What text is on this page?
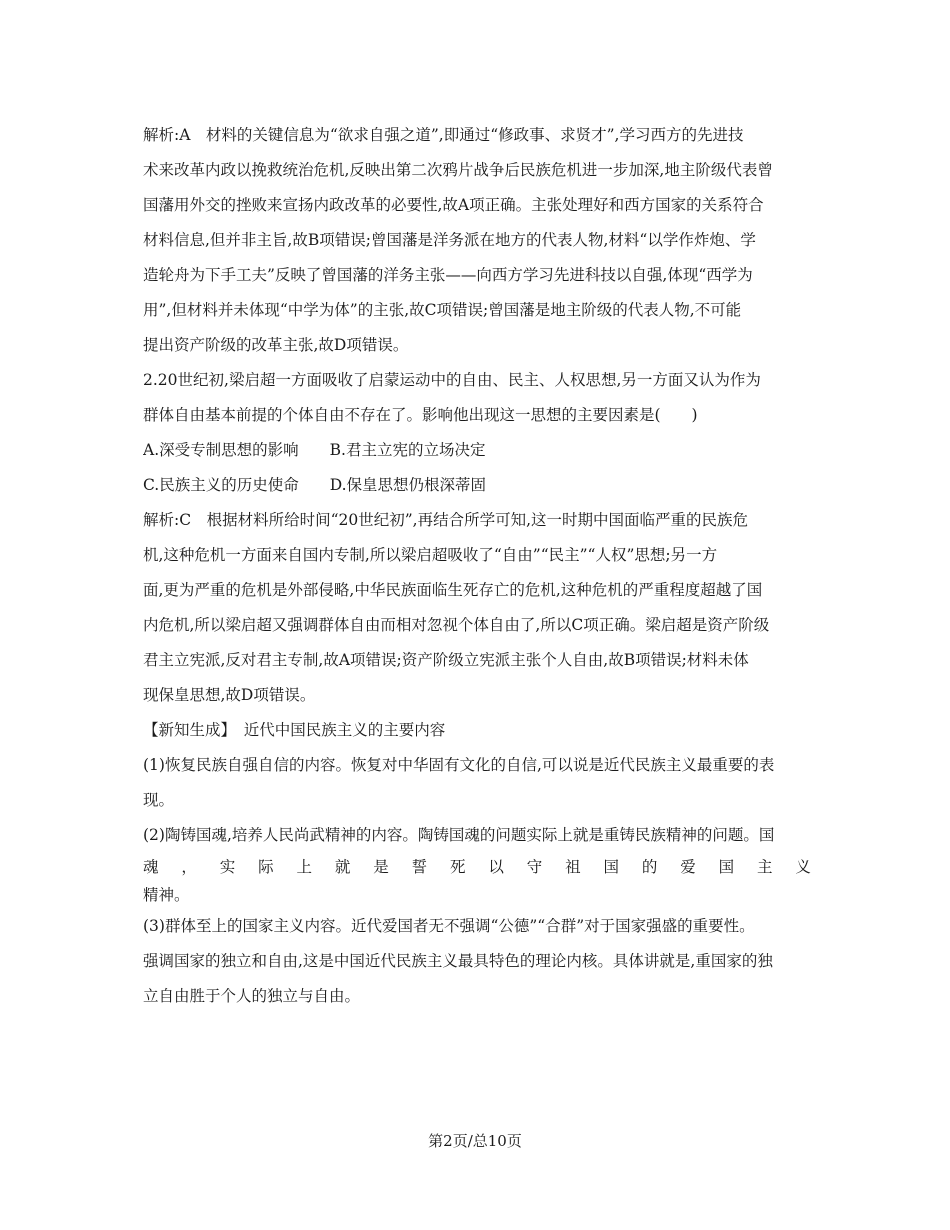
解析:A　材料的关键信息为“欲求自强之道”,即通过“修政事、求贤才”,学习西方的先进技
术来改革内政以挽救统治危机,反映出第二次鸦片战争后民族危机进一步加深,地主阶级代表曾
国藩用外交的挫败来宣扬内政改革的必要性,故A项正确。主张处理好和西方国家的关系符合
材料信息,但并非主旨,故B项错误;曾国藩是洋务派在地方的代表人物,材料“以学作炸炮、学
造轮舟为下手工夫”反映了曾国藩的洋务主张——向西方学习先进科技以自强,体现“西学为
用”,但材料并未体现“中学为体”的主张,故C项错误;曾国藩是地主阶级的代表人物,不可能
提出资产阶级的改革主张,故D项错误。
2.20世纪初,梁启超一方面吸收了启蒙运动中的自由、民主、人权思想,另一方面又认为作为
群体自由基本前提的个体自由不存在了。影响他出现这一思想的主要因素是(　　)
A.深受专制思想的影响　　B.君主立宪的立场决定
C.民族主义的历史使命　　D.保皇思想仍根深蒂固
解析:C　根据材料所给时间“20世纪初”,再结合所学可知,这一时期中国面临严重的民族危
机,这种危机一方面来自国内专制,所以梁启超吸收了“自由”“民主”“人权”思想;另一方
面,更为严重的危机是外部侵略,中华民族面临生死存亡的危机,这种危机的严重程度超越了国
内危机,所以梁启超又强调群体自由而相对忽视个体自由了,所以C项正确。梁启超是资产阶级
君主立宪派,反对君主专制,故A项错误;资产阶级立宪派主张个人自由,故B项错误;材料未体
现保皇思想,故D项错误。
【新知生成】　近代中国民族主义的主要内容
(1)恢复民族自强自信的内容。恢复对中华固有文化的自信,可以说是近代民族主义最重要的表
现。
(2)陶铸国魂,培养人民尚武精神的内容。陶铸国魂的问题实际上就是重铸民族精神的问题。国
魂 ， 实 际 上 就 是 誓 死 以 守 祖 国 的 爱 国 主 义
精神。
(3)群体至上的国家主义内容。近代爱国者无不强调“公德”“合群”对于国家强盛的重要性。
强调国家的独立和自由,这是中国近代民族主义最具特色的理论内核。具体讲就是,重国家的独
立自由胜于个人的独立与自由。
第2页/总10页
